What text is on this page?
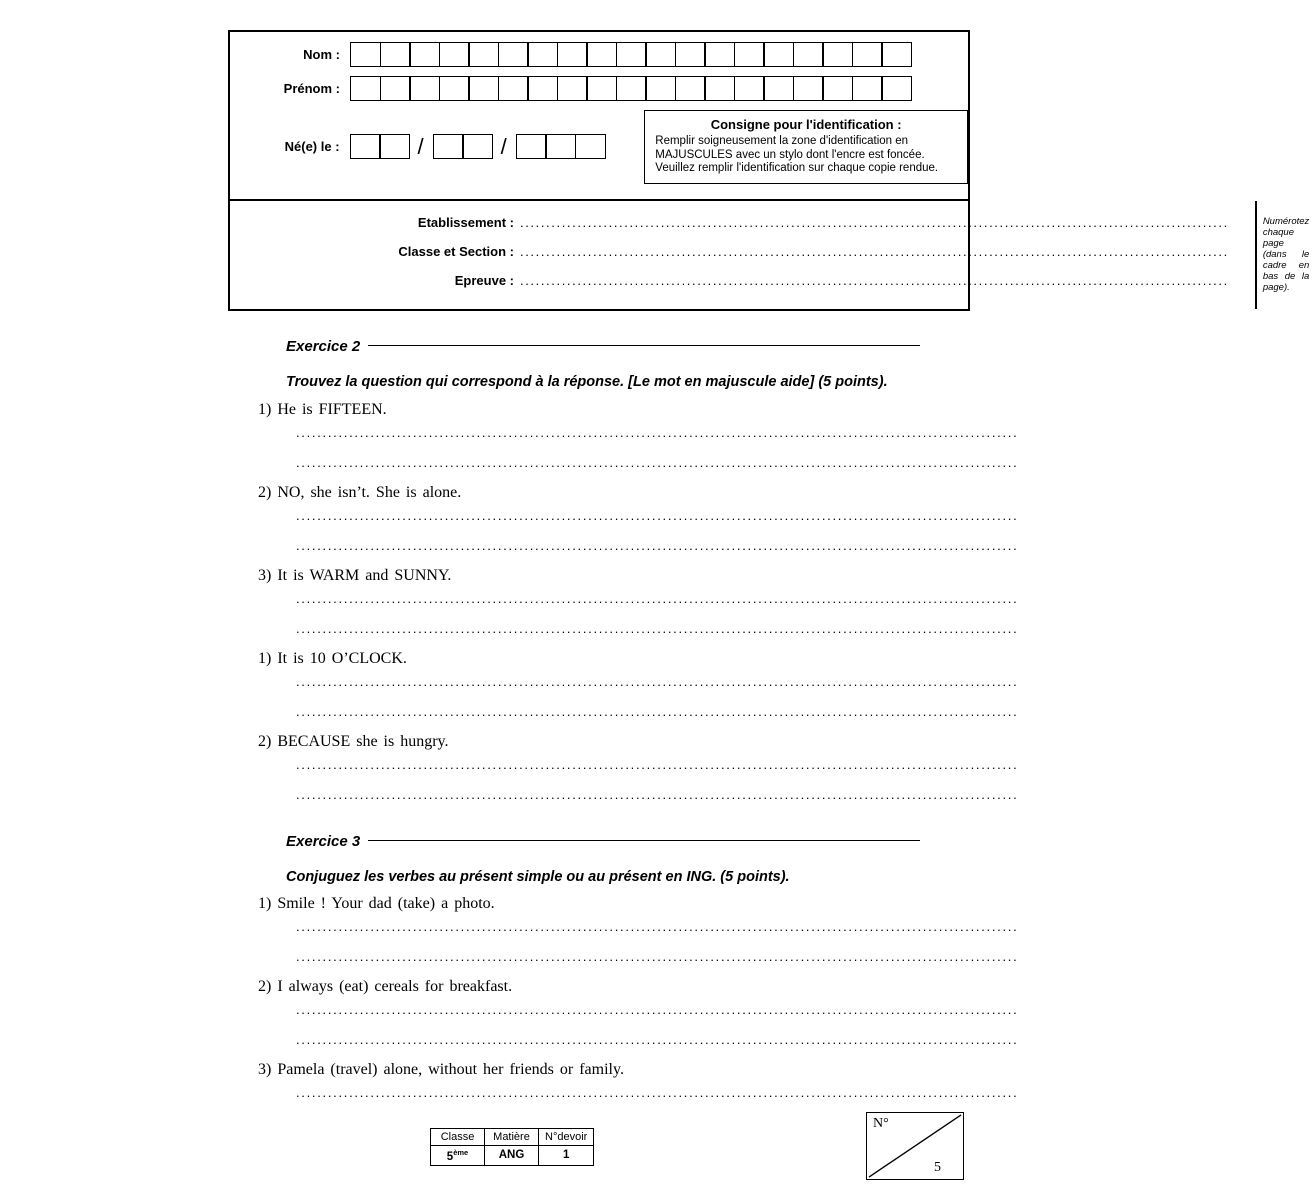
Nom :
Prénom :
Né(e) le :	/	/
Consigne pour l'identification :
Remplir soigneusement la zone d'identification en MAJUSCULES avec un stylo dont l'encre est foncée. Veuillez remplir l'identification sur chaque copie rendue.
Etablissement : ........................................................................................................................................
Classe et Section : ........................................................................................................................................
Epreuve : ........................................................................................................................................
Numérotez chaque page (dans le cadre en bas de la page).
Exercice 2
Trouvez la question qui correspond à la réponse. [Le mot en majuscule aide] (5 points).
1) He is FIFTEEN.
........................................................................................................................................
........................................................................................................................................
2) NO, she isn’t. She is alone.
........................................................................................................................................
........................................................................................................................................
3) It is WARM and SUNNY.
........................................................................................................................................
........................................................................................................................................
1) It is 10 O’CLOCK.
........................................................................................................................................
........................................................................................................................................
2) BECAUSE she is hungry.
........................................................................................................................................
........................................................................................................................................
Exercice 3
Conjuguez les verbes au présent simple ou au présent en ING. (5 points).
1) Smile ! Your dad (take) a photo.
........................................................................................................................................
........................................................................................................................................
2) I always (eat) cereals for breakfast.
........................................................................................................................................
........................................................................................................................................
3) Pamela (travel) alone, without her friends or family.
........................................................................................................................................
Classe	Matière	N°devoir
5ème	ANG	1
N°
5
